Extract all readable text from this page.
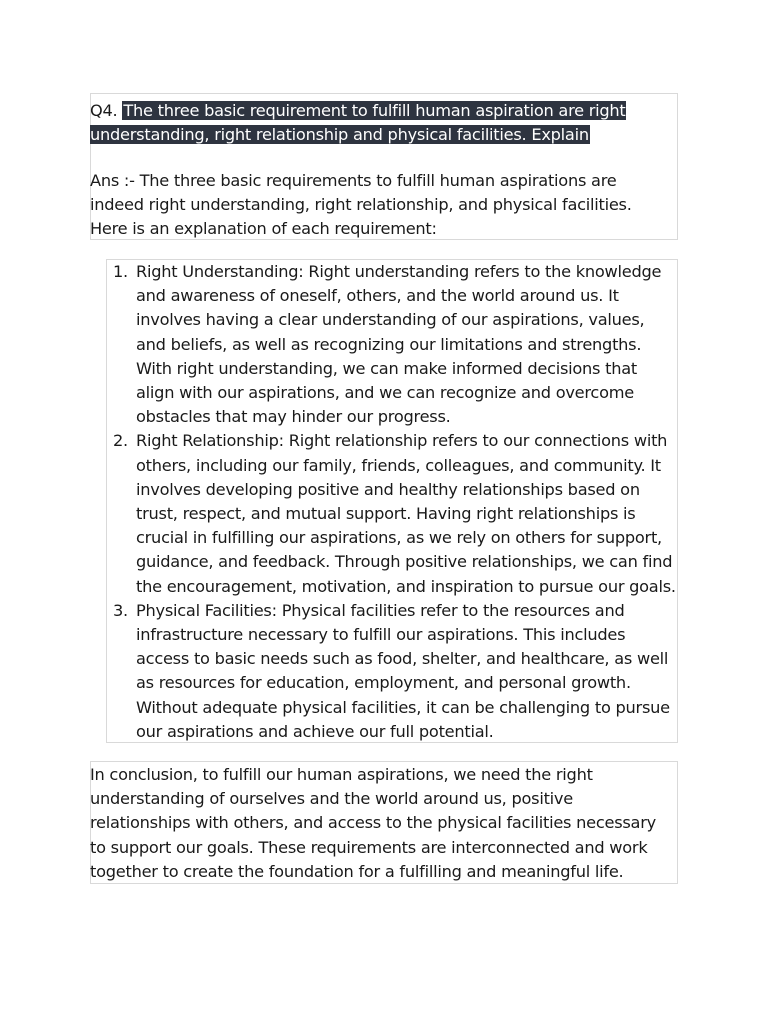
Q4. The three basic requirement to fulfill human aspiration are right understanding, right relationship and physical facilities. Explain
Ans :- The three basic requirements to fulfill human aspirations are indeed right understanding, right relationship, and physical facilities. Here is an explanation of each requirement:
1. Right Understanding: Right understanding refers to the knowledge and awareness of oneself, others, and the world around us. It involves having a clear understanding of our aspirations, values, and beliefs, as well as recognizing our limitations and strengths. With right understanding, we can make informed decisions that align with our aspirations, and we can recognize and overcome obstacles that may hinder our progress.
2. Right Relationship: Right relationship refers to our connections with others, including our family, friends, colleagues, and community. It involves developing positive and healthy relationships based on trust, respect, and mutual support. Having right relationships is crucial in fulfilling our aspirations, as we rely on others for support, guidance, and feedback. Through positive relationships, we can find the encouragement, motivation, and inspiration to pursue our goals.
3. Physical Facilities: Physical facilities refer to the resources and infrastructure necessary to fulfill our aspirations. This includes access to basic needs such as food, shelter, and healthcare, as well as resources for education, employment, and personal growth. Without adequate physical facilities, it can be challenging to pursue our aspirations and achieve our full potential.
In conclusion, to fulfill our human aspirations, we need the right understanding of ourselves and the world around us, positive relationships with others, and access to the physical facilities necessary to support our goals. These requirements are interconnected and work together to create the foundation for a fulfilling and meaningful life.
